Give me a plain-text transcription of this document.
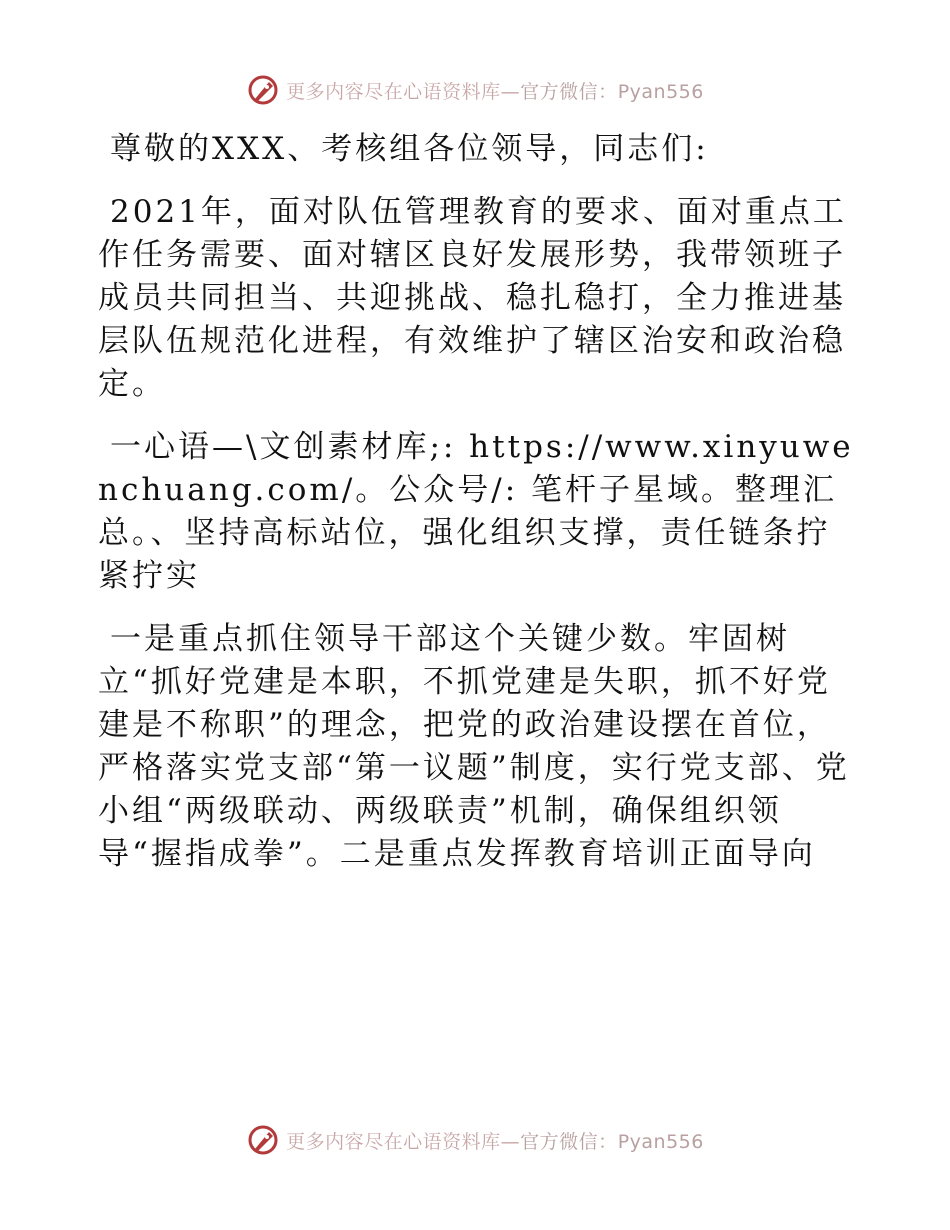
更多内容尽在心语资料库—官方微信：Pyan556

尊敬的XXX、考核组各位领导，同志们:

2021年，面对队伍管理教育的要求、面对重点工作任务需要、面对辖区良好发展形势，我带领班子成员共同担当、共迎挑战、稳扎稳打，全力推进基层队伍规范化进程，有效维护了辖区治安和政治稳定。

一心语—\文创素材库;: https://www.xinyuwenchuang.com/。公众号/: 笔杆子星域。整理汇总。、坚持高标站位，强化组织支撑，责任链条拧紧拧实

一是重点抓住领导干部这个关键少数。牢固树立“抓好党建是本职，不抓党建是失职，抓不好党建是不称职”的理念，把党的政治建设摆在首位，严格落实党支部“第一议题”制度，实行党支部、党小组“两级联动、两级联责”机制，确保组织领导“握指成拳”。二是重点发挥教育培训正面导向

更多内容尽在心语资料库—官方微信：Pyan556
